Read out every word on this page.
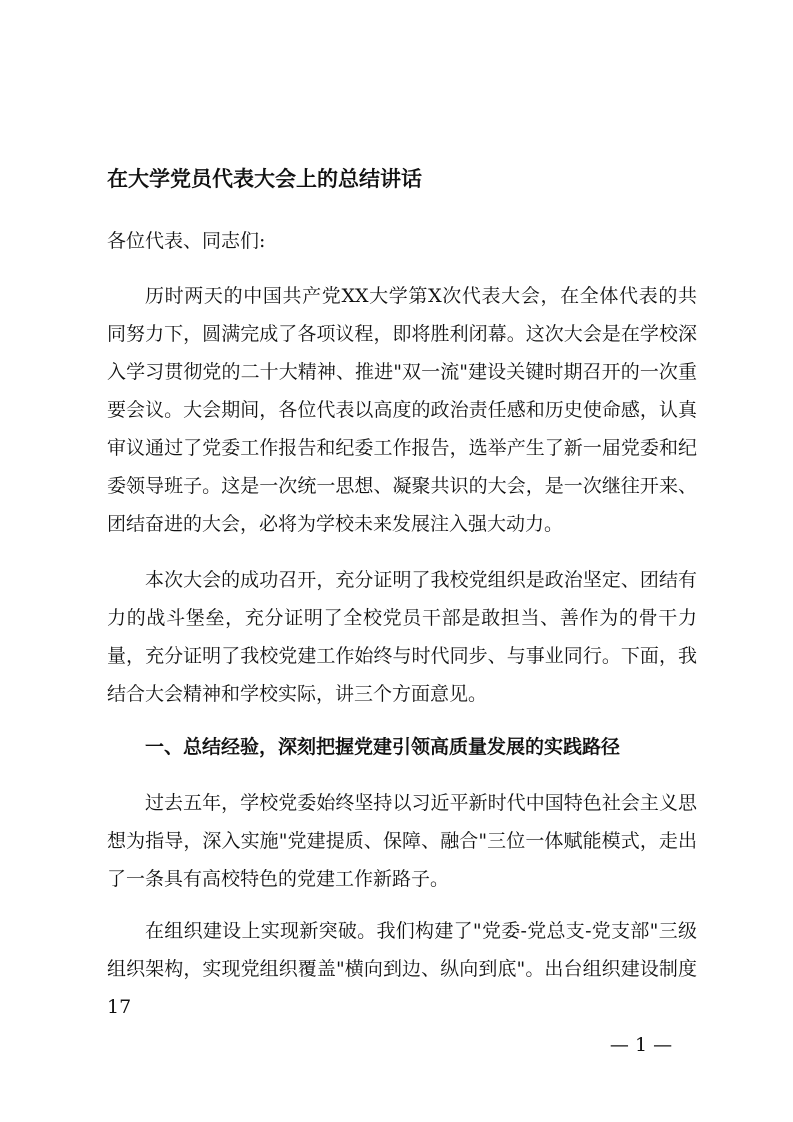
在大学党员代表大会上的总结讲话

各位代表、同志们:

历时两天的中国共产党XX大学第X次代表大会，在全体代表的共同努力下，圆满完成了各项议程，即将胜利闭幕。这次大会是在学校深入学习贯彻党的二十大精神、推进"双一流"建设关键时期召开的一次重要会议。大会期间，各位代表以高度的政治责任感和历史使命感，认真审议通过了党委工作报告和纪委工作报告，选举产生了新一届党委和纪委领导班子。这是一次统一思想、凝聚共识的大会，是一次继往开来、团结奋进的大会，必将为学校未来发展注入强大动力。

本次大会的成功召开，充分证明了我校党组织是政治坚定、团结有力的战斗堡垒，充分证明了全校党员干部是敢担当、善作为的骨干力量，充分证明了我校党建工作始终与时代同步、与事业同行。下面，我结合大会精神和学校实际，讲三个方面意见。

一、总结经验，深刻把握党建引领高质量发展的实践路径

过去五年，学校党委始终坚持以习近平新时代中国特色社会主义思想为指导，深入实施"党建提质、保障、融合"三位一体赋能模式，走出了一条具有高校特色的党建工作新路子。

在组织建设上实现新突破。我们构建了"党委-党总支-党支部"三级组织架构，实现党组织覆盖"横向到边、纵向到底"。出台组织建设制度17

— 1 —
